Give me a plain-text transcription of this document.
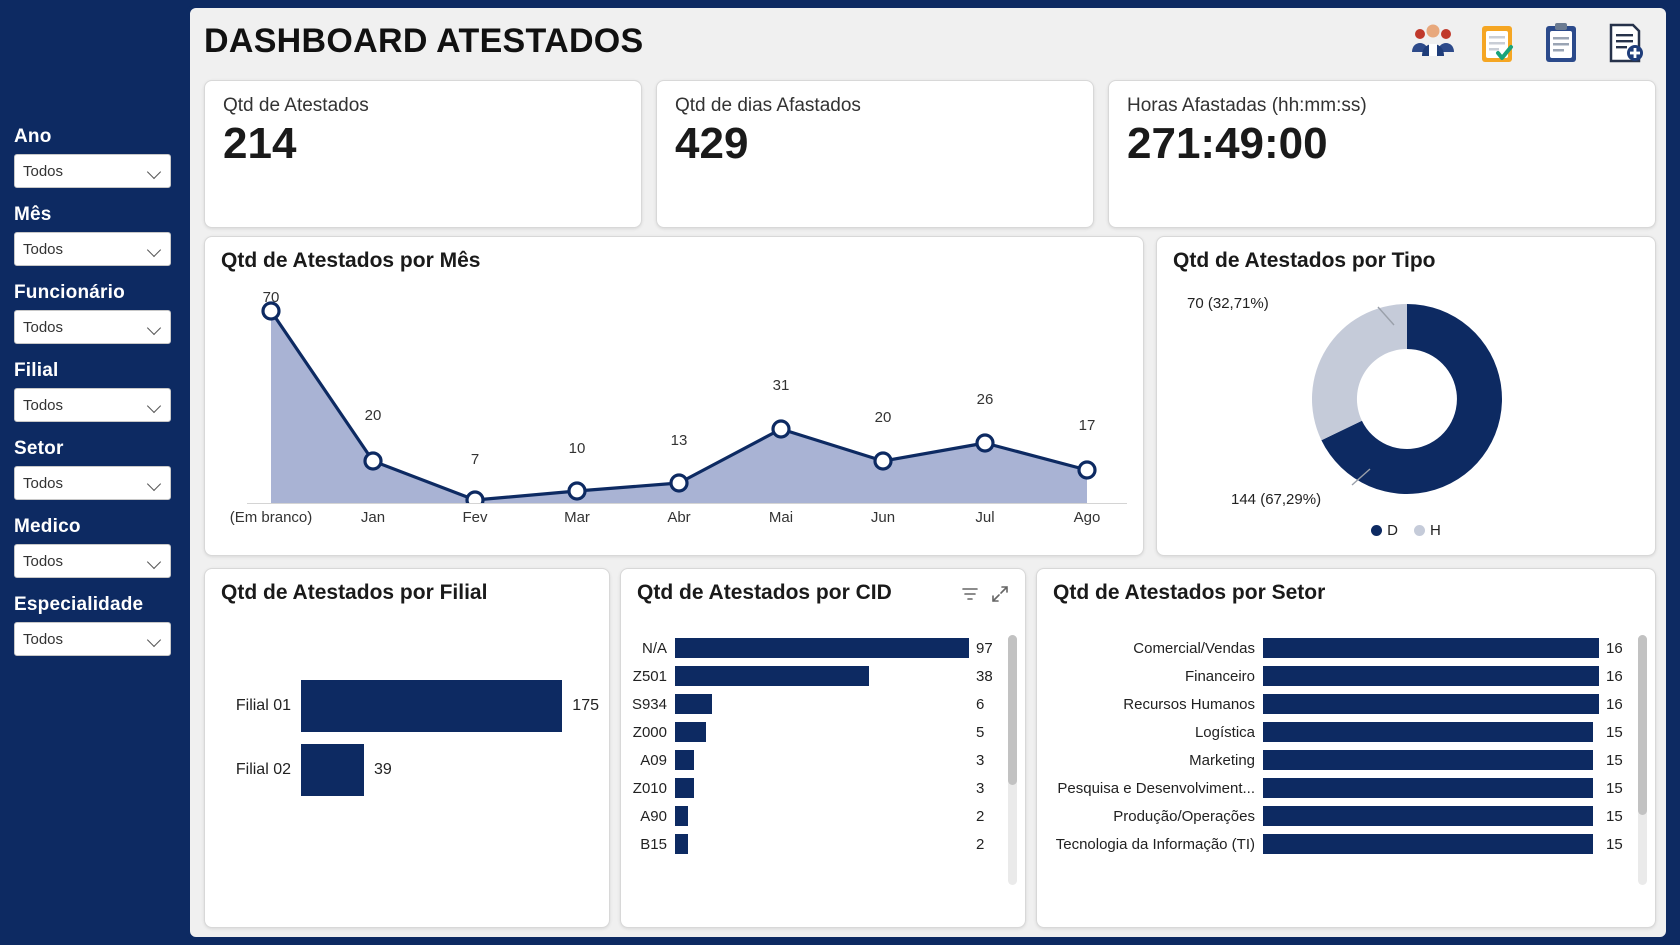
Ano
Todos
Mês
Todos
Funcionário
Todos
Filial
Todos
Setor
Todos
Medico
Todos
Especialidade
Todos
DASHBOARD ATESTADOS
Qtd de Atestados
214
Qtd de dias Afastados
429
Horas Afastadas (hh:mm:ss)
271:49:00
Qtd de Atestados por Mês
70
20
7
10	13
31
20
26
17
(Em branco)	Jan	Fev	Mar	Abr	Mai	Jun	Jul	Ago
Qtd de Atestados por Tipo
70 (32,71%)
144 (67,29%)
D H
Qtd de Atestados por Filial
Filial 01	175
Filial 02	39
Qtd de Atestados por CID
N/A	97
Z501	38
S934	6
Z000	5
A09	3
Z010	3
A90	2
B15	2
Qtd de Atestados por Setor
Comercial/Vendas	16
Financeiro	16
Recursos Humanos	16
Logística	15
Marketing	15
Pesquisa e Desenvolviment...	15
Produção/Operações	15
Tecnologia da Informação (TI)	15
